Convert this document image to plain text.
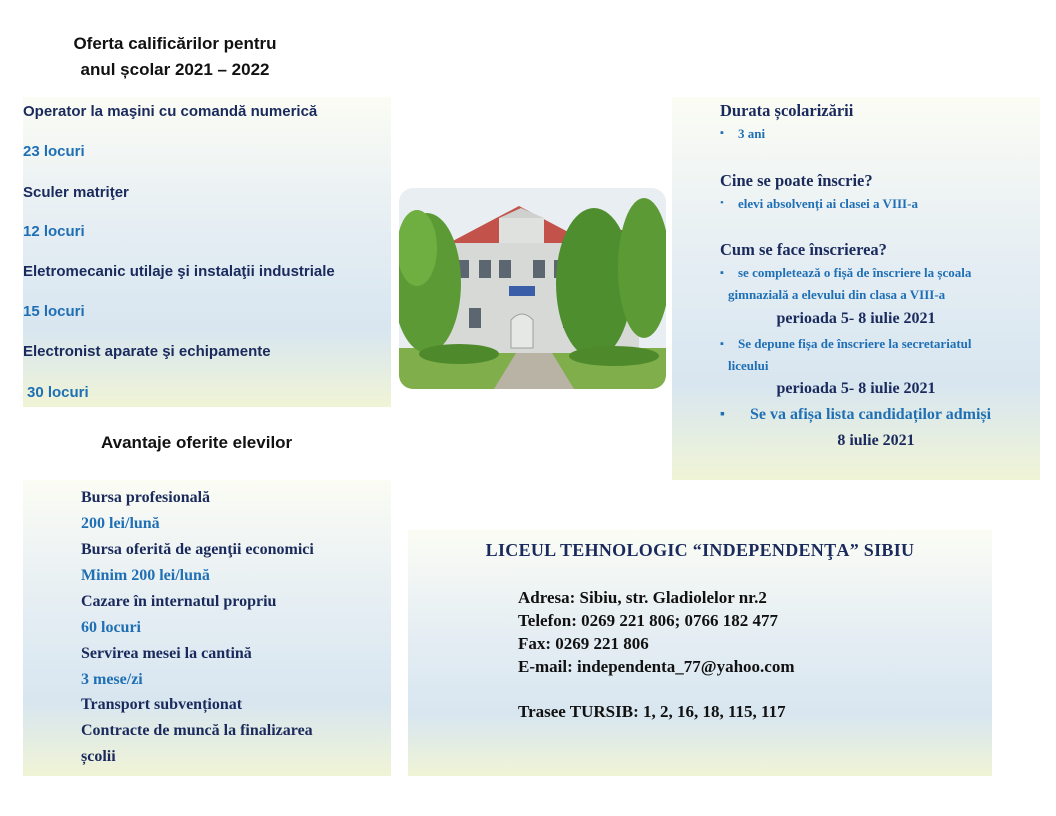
Oferta calificărilor pentru
anul școlar 2021 – 2022
Operator la maşini cu comandă numerică
23 locuri
Sculer matriţer
12 locuri
Eletromecanic utilaje şi instalaţii industriale
15 locuri
Electronist aparate şi echipamente
30 locuri
Avantaje oferite elevilor
Bursa profesională
200 lei/lună
Bursa oferită de agenţii economici
Minim 200 lei/lună
Cazare în internatul propriu
60 locuri
Servirea mesei la cantină
3 mese/zi
Transport subvenționat
Contracte de muncă la finalizarea
școlii
Durata școlarizării
▪ 3 ani
Cine se poate înscrie?
• elevi absolvenți ai clasei a VIII-a
Cum se face înscrierea?
▪ se completează o fișă de înscriere la școala
gimnazială a elevului din clasa a VIII-a
perioada 5- 8 iulie 2021
▪ Se depune fișa de înscriere la secretariatul
liceului
perioada 5- 8 iulie 2021
▪ Se va afișa lista candidaților admiși
8 iulie 2021
LICEUL TEHNOLOGIC “INDEPENDENŢA” SIBIU
Adresa: Sibiu, str. Gladiolelor nr.2
Telefon: 0269 221 806; 0766 182 477
Fax: 0269 221 806
E-mail: independenta_77@yahoo.com
Trasee TURSIB: 1, 2, 16, 18, 115, 117
